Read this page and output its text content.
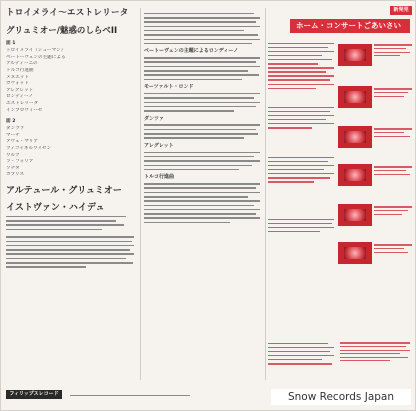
トロイメライ～エストレリータ

グリュミオー/魅惑のしらべII
面 1
トロイメライ（シューマン）
ベートーヴェンの主題による
アルディーニの
トルコ行進曲
メヌエット
ガヴォット
アレグレット
ロンディーノ
エストレリータ
インプロヴィーゼ
面 2
ダンツァ
マーチ
アヴェ・マリア
ツィゴイネルワイゼン
ワルツ
ラ・フォリア
ソナタ
カプリス
アルテュール・グリュミオー
イストヴァン・ハイデュ
ベートーヴェンの主題によるロンディーノ
モーツァルト・ロンド
ダンツァ
アレグレット
トルコ行進曲
新発売
ホーム・コンサートごあいさい
フィリップスレコード	Snow Records Japan
